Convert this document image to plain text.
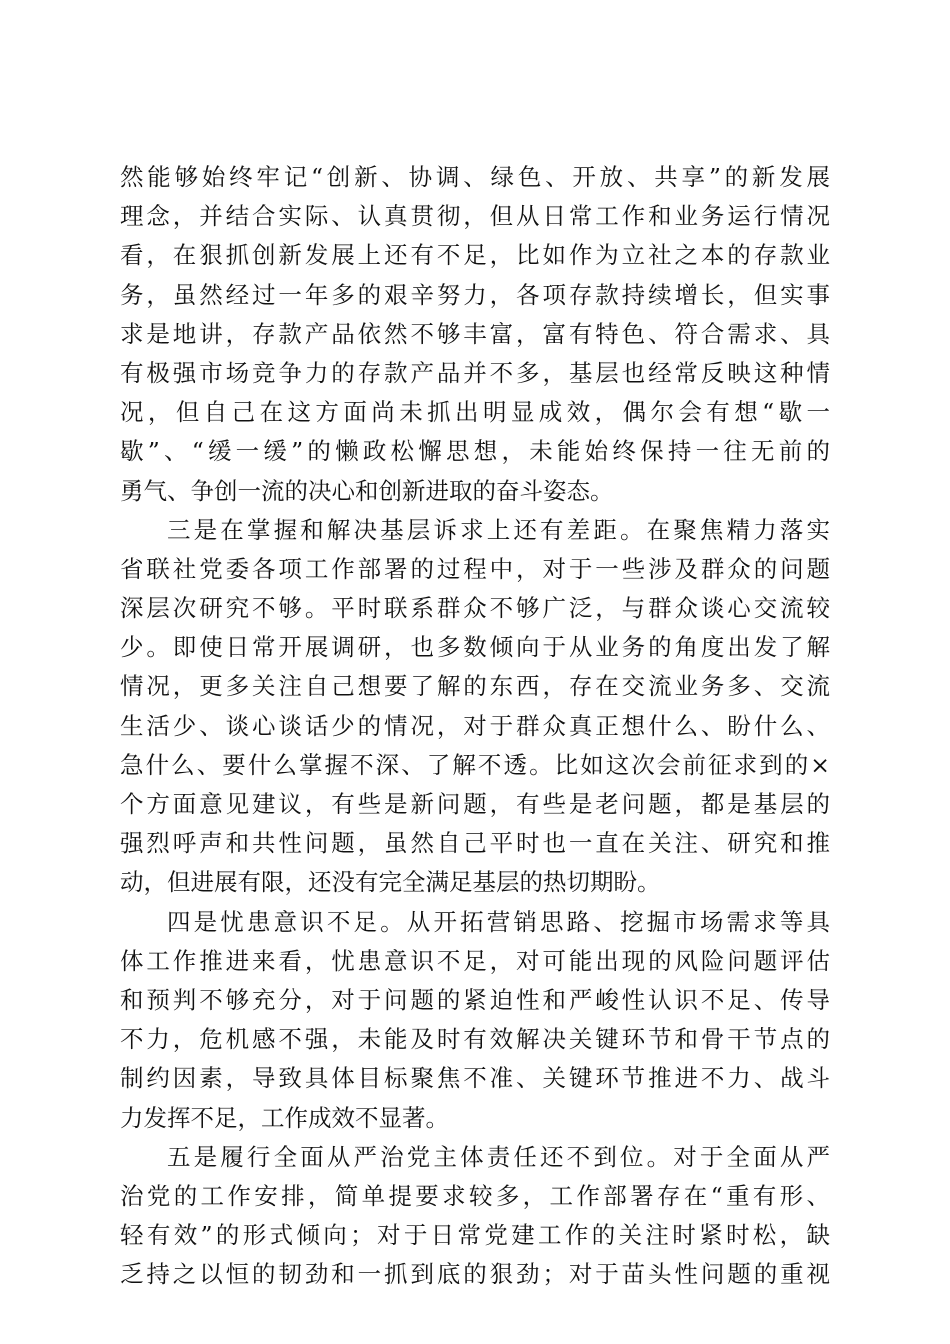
然能够始终牢记“创新、协调、绿色、开放、共享”的新发展
理念，并结合实际、认真贯彻，但从日常工作和业务运行情况
看，在狠抓创新发展上还有不足，比如作为立社之本的存款业
务，虽然经过一年多的艰辛努力，各项存款持续增长，但实事
求是地讲，存款产品依然不够丰富，富有特色、符合需求、具
有极强市场竞争力的存款产品并不多，基层也经常反映这种情
况，但自己在这方面尚未抓出明显成效，偶尔会有想“歇一
歇”、“缓一缓”的懒政松懈思想，未能始终保持一往无前的
勇气、争创一流的决心和创新进取的奋斗姿态。
三是在掌握和解决基层诉求上还有差距。在聚焦精力落实
省联社党委各项工作部署的过程中，对于一些涉及群众的问题
深层次研究不够。平时联系群众不够广泛，与群众谈心交流较
少。即使日常开展调研，也多数倾向于从业务的角度出发了解
情况，更多关注自己想要了解的东西，存在交流业务多、交流
生活少、谈心谈话少的情况，对于群众真正想什么、盼什么、
急什么、要什么掌握不深、了解不透。比如这次会前征求到的×
个方面意见建议，有些是新问题，有些是老问题，都是基层的
强烈呼声和共性问题，虽然自己平时也一直在关注、研究和推
动，但进展有限，还没有完全满足基层的热切期盼。
四是忧患意识不足。从开拓营销思路、挖掘市场需求等具
体工作推进来看，忧患意识不足，对可能出现的风险问题评估
和预判不够充分，对于问题的紧迫性和严峻性认识不足、传导
不力，危机感不强，未能及时有效解决关键环节和骨干节点的
制约因素，导致具体目标聚焦不准、关键环节推进不力、战斗
力发挥不足，工作成效不显著。
五是履行全面从严治党主体责任还不到位。对于全面从严
治党的工作安排，简单提要求较多，工作部署存在“重有形、
轻有效”的形式倾向；对于日常党建工作的关注时紧时松，缺
乏持之以恒的韧劲和一抓到底的狠劲；对于苗头性问题的重视
